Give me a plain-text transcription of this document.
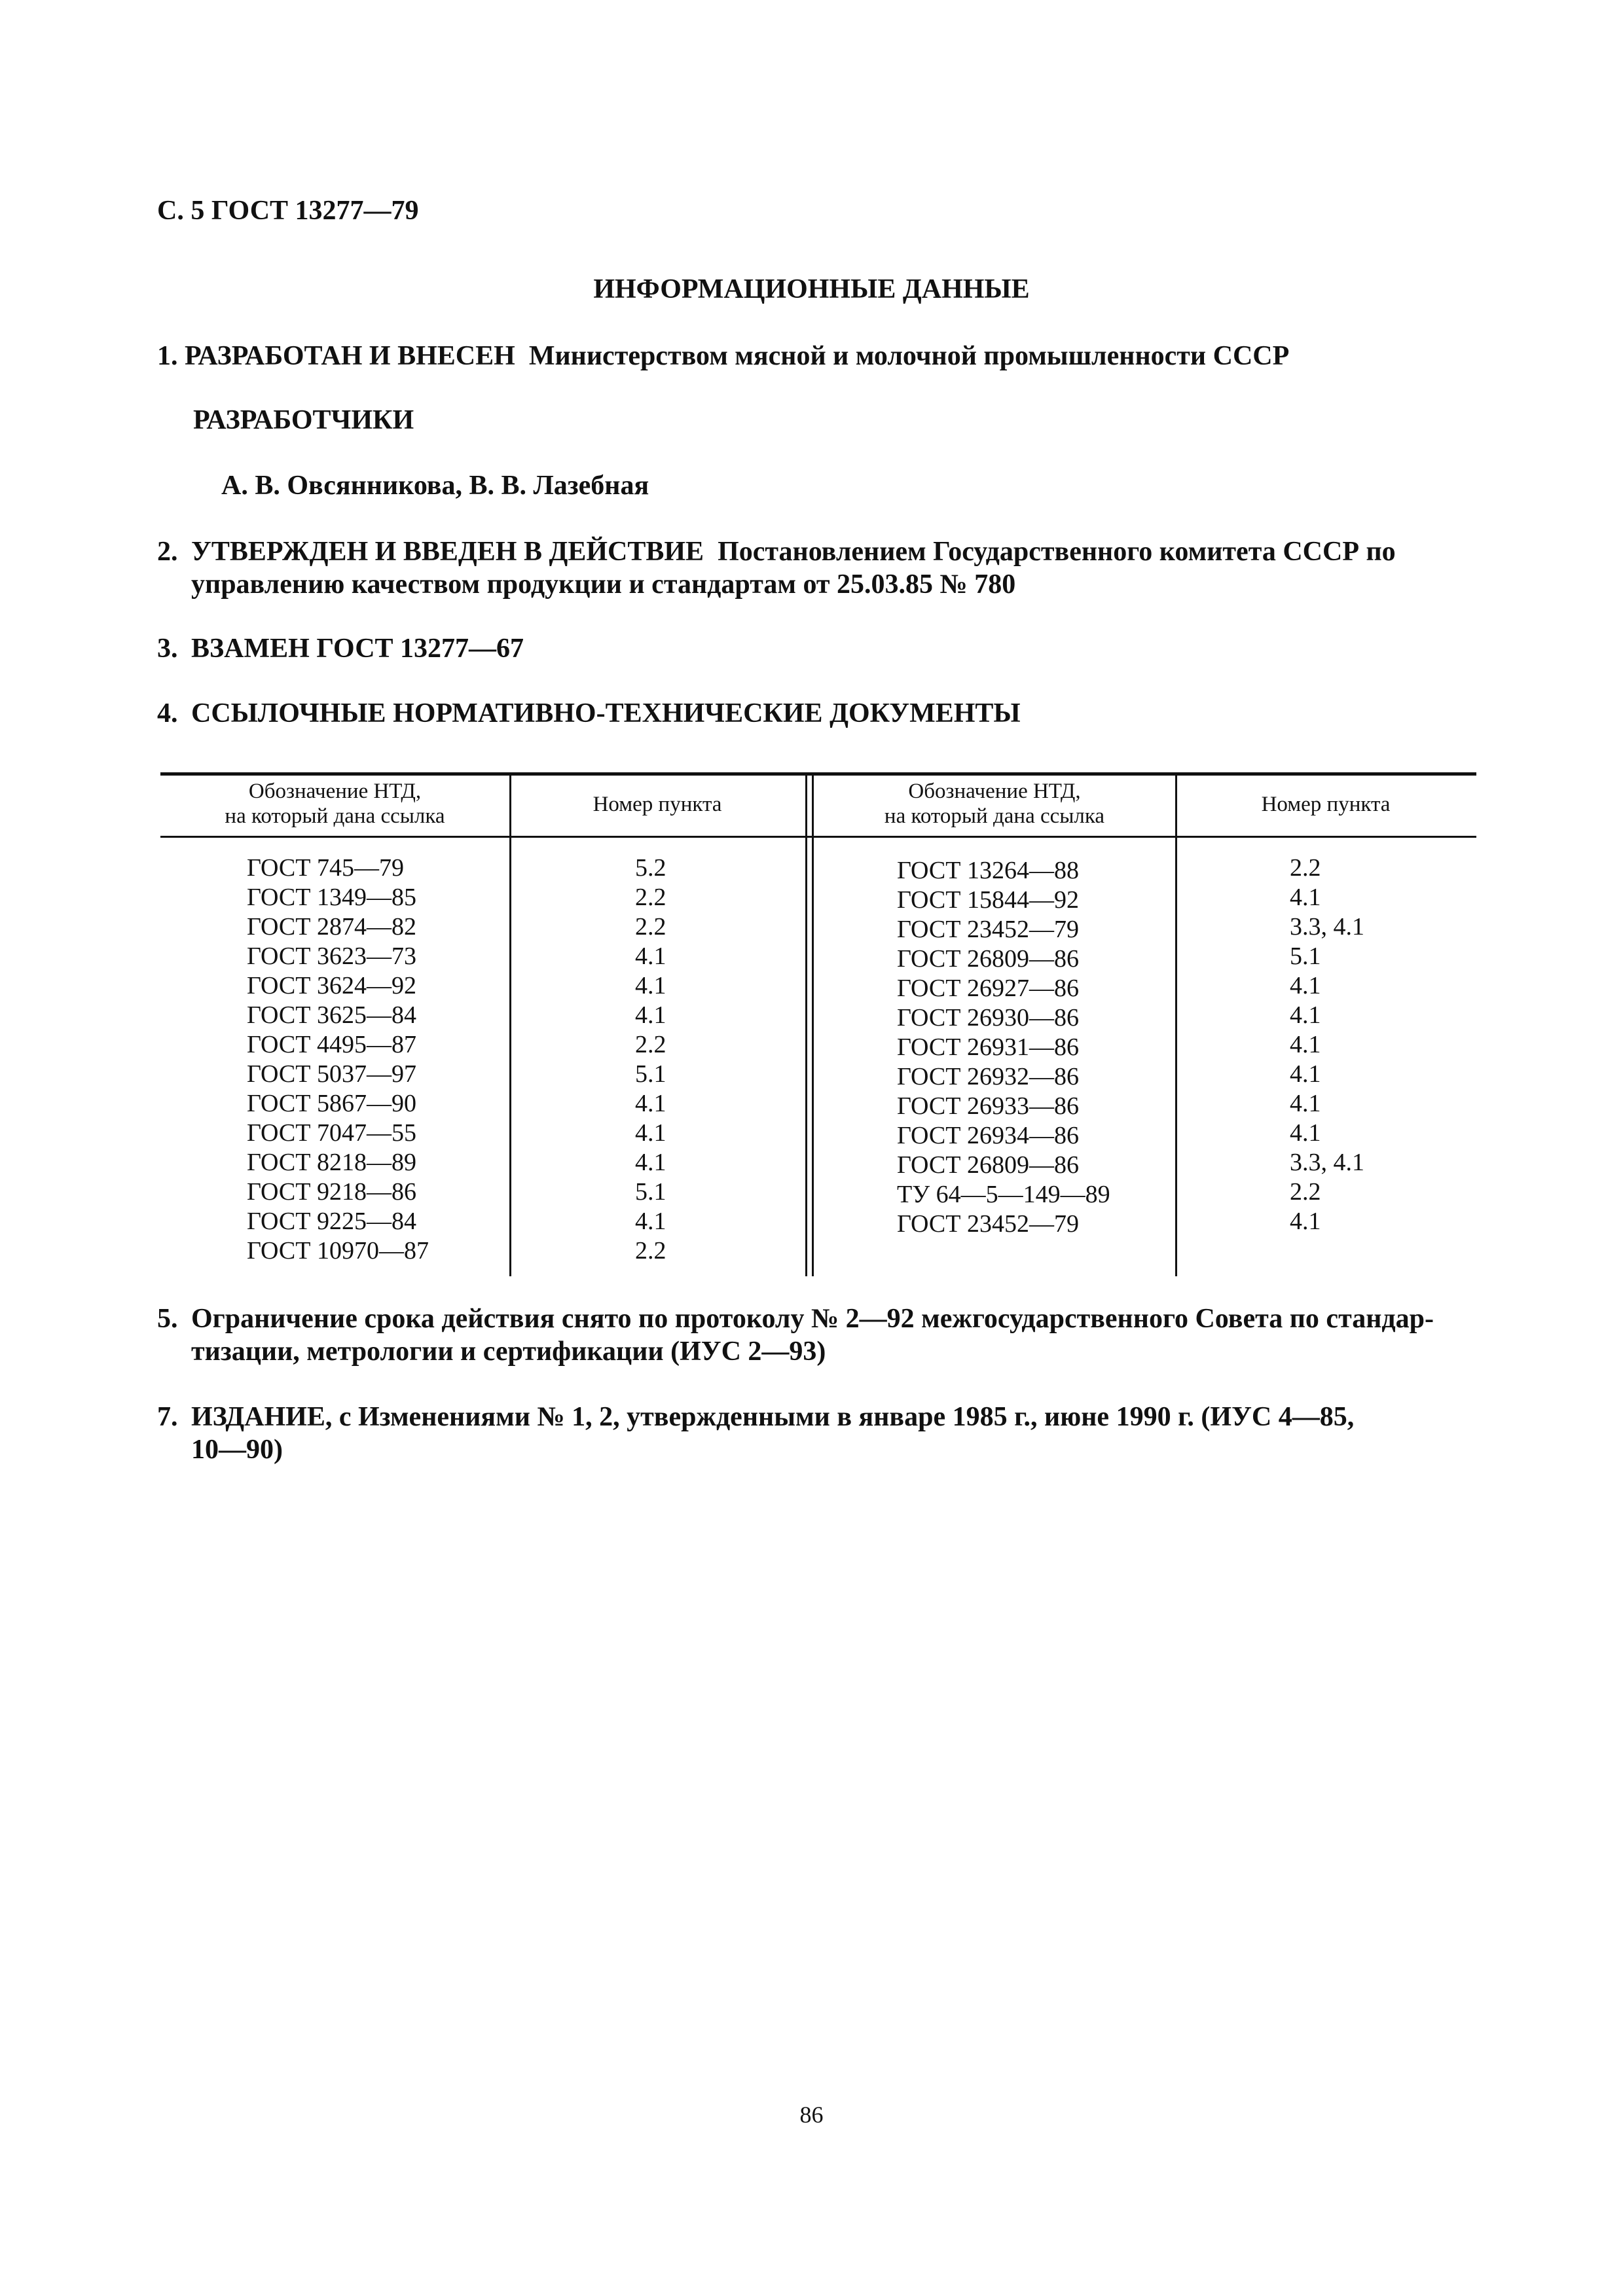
С. 5 ГОСТ 13277—79
ИНФОРМАЦИОННЫЕ ДАННЫЕ
1. РАЗРАБОТАН И ВНЕСЕН Министерством мясной и молочной промышленности СССР
РАЗРАБОТЧИКИ
А. В. Овсянникова, В. В. Лазебная
2. УТВЕРЖДЕН И ВВЕДЕН В ДЕЙСТВИЕ Постановлением Государственного комитета СССР по
управлению качеством продукции и стандартам от 25.03.85 № 780
3. ВЗАМЕН ГОСТ 13277—67
4. ССЫЛОЧНЫЕ НОРМАТИВНО-ТЕХНИЧЕСКИЕ ДОКУМЕНТЫ
Обозначение НТД,
на который дана ссылка	Номер пункта
Обозначение НТД,
на который дана ссылка	Номер пункта
ГОСТ 745—79
ГОСТ 1349—85
ГОСТ 2874—82
ГОСТ 3623—73
ГОСТ 3624—92
ГОСТ 3625—84
ГОСТ 4495—87
ГОСТ 5037—97
ГОСТ 5867—90
ГОСТ 7047—55
ГОСТ 8218—89
ГОСТ 9218—86
ГОСТ 9225—84
ГОСТ 10970—87
5.2
2.2
2.2
4.1
4.1
4.1
2.2
5.1
4.1
4.1
4.1
5.1
4.1
2.2
ГОСТ 13264—88
ГОСТ 15844—92
ГОСТ 23452—79
ГОСТ 26809—86
ГОСТ 26927—86
ГОСТ 26930—86
ГОСТ 26931—86
ГОСТ 26932—86
ГОСТ 26933—86
ГОСТ 26934—86
ГОСТ 26809—86
ТУ 64—5—149—89
ГОСТ 23452—79
2.2
4.1
3.3, 4.1
5.1
4.1
4.1
4.1
4.1
4.1
4.1
3.3, 4.1
2.2
4.1
5. Ограничение срока действия снято по протоколу № 2—92 межгосударственного Совета по стандар-
тизации, метрологии и сертификации (ИУС 2—93)
7. ИЗДАНИЕ, с Изменениями № 1, 2, утвержденными в январе 1985 г., июне 1990 г. (ИУС 4—85,
10—90)
86
